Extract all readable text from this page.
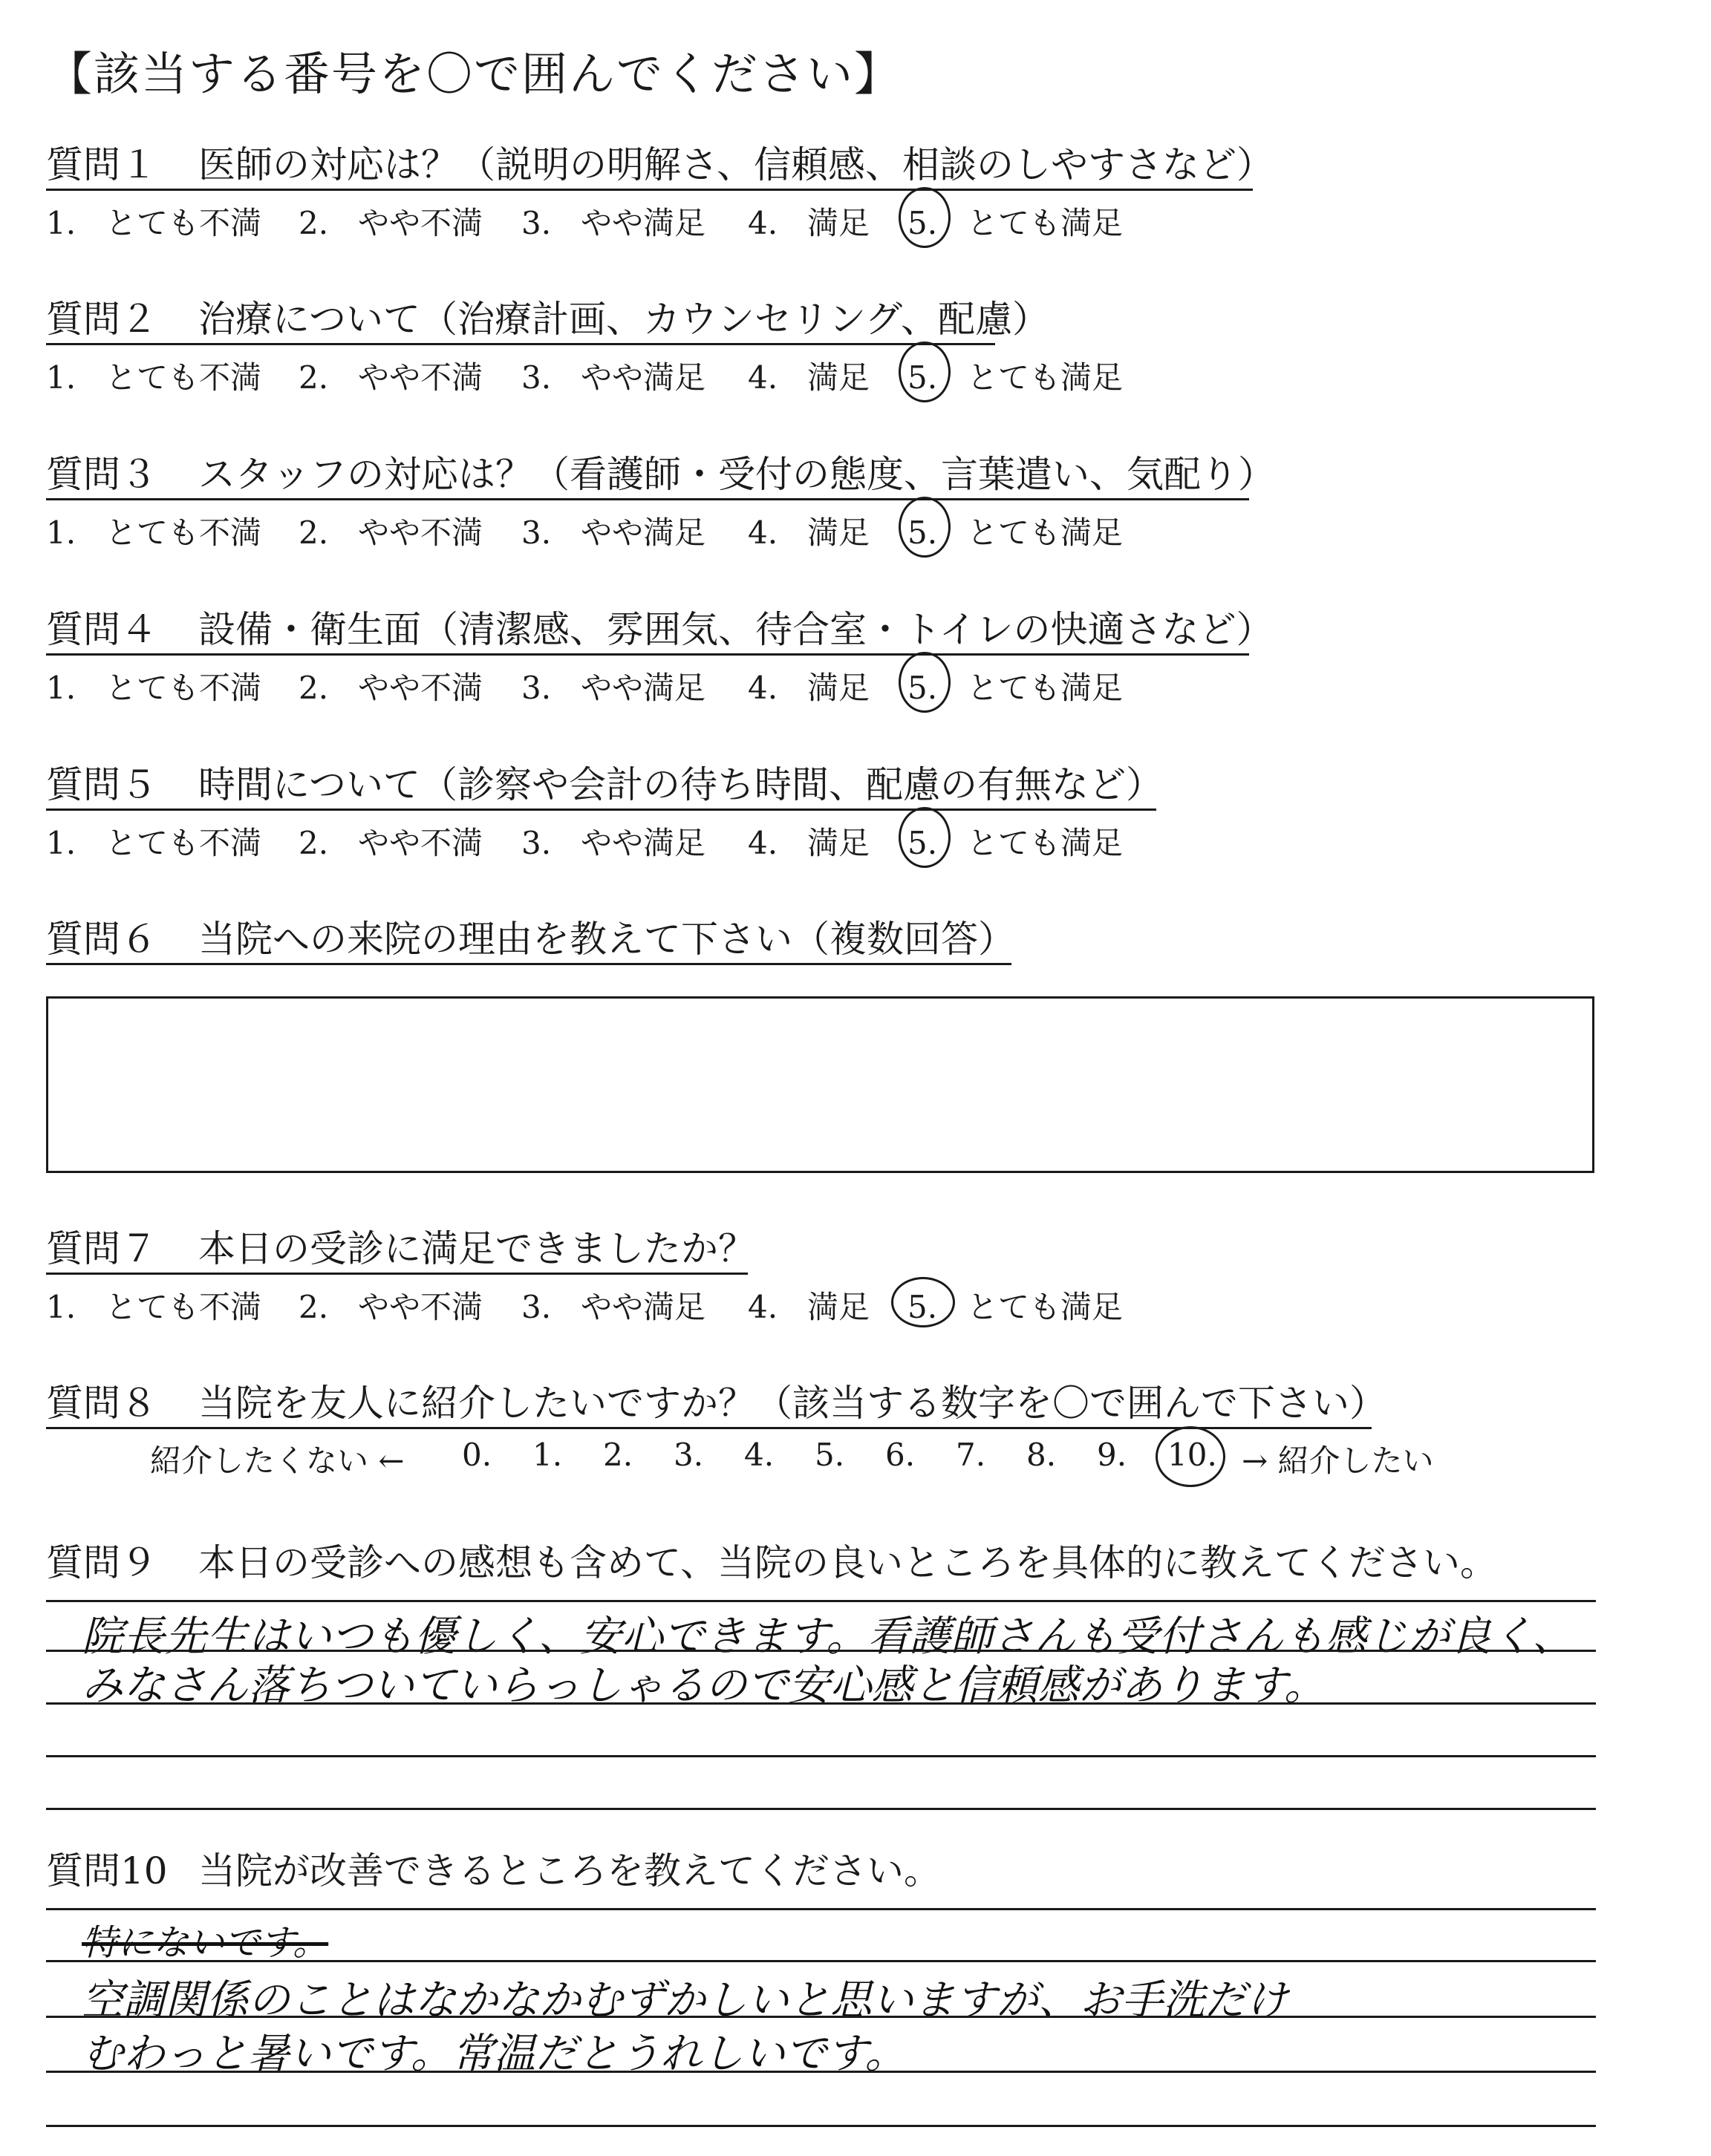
【該当する番号を〇で囲んでください】
質問１ 医師の対応は？（説明の明解さ、信頼感、相談のしやすさなど）
1. とても不満 2. やや不満 3. やや満足 4. 満足 5. とても満足
質問２ 治療について（治療計画、カウンセリング、配慮）
1. とても不満 2. やや不満 3. やや満足 4. 満足 5. とても満足
質問３ スタッフの対応は？（看護師・受付の態度、言葉遣い、気配り）
1. とても不満 2. やや不満 3. やや満足 4. 満足 5. とても満足
質問４ 設備・衛生面（清潔感、雰囲気、待合室・トイレの快適さなど）
1. とても不満 2. やや不満 3. やや満足 4. 満足 5. とても満足
質問５ 時間について（診察や会計の待ち時間、配慮の有無など）
1. とても不満 2. やや不満 3. やや満足 4. 満足 5. とても満足
質問６ 当院への来院の理由を教えて下さい（複数回答）
質問７ 本日の受診に満足できましたか？
1. とても不満 2. やや不満 3. やや満足 4. 満足 5. とても満足
質問８ 当院を友人に紹介したいですか？（該当する数字を〇で囲んで下さい）
紹介したくない ← 0. 1. 2. 3. 4. 5. 6. 7. 8. 9. 10. → 紹介したい
質問９ 本日の受診への感想も含めて、当院の良いところを具体的に教えてください。
院長先生はいつも優しく、安心できます。看護師さんも受付さんも感じが良く、
みなさん落ちついていらっしゃるので安心感と信頼感があります。
質問10 当院が改善できるところを教えてください。
特にないです。
空調関係のことはなかなかむずかしいと思いますが、お手洗だけ
むわっと暑いです。常温だとうれしいです。
